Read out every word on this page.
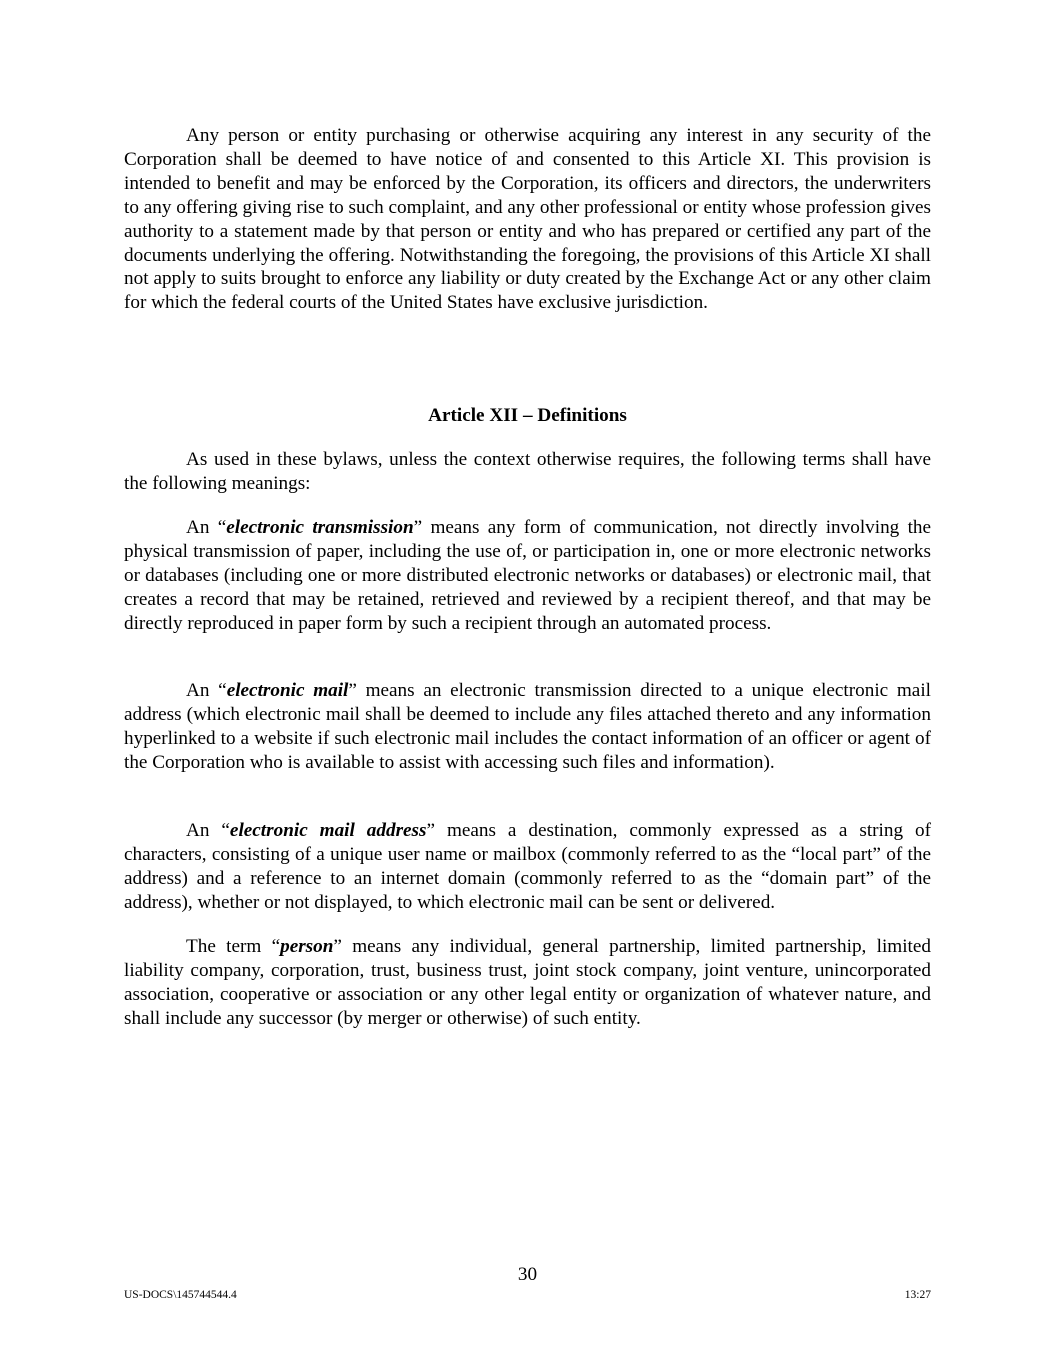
Any person or entity purchasing or otherwise acquiring any interest in any security of the Corporation shall be deemed to have notice of and consented to this Article XI. This provision is intended to benefit and may be enforced by the Corporation, its officers and directors, the underwriters to any offering giving rise to such complaint, and any other professional or entity whose profession gives authority to a statement made by that person or entity and who has prepared or certified any part of the documents underlying the offering. Notwithstanding the foregoing, the provisions of this Article XI shall not apply to suits brought to enforce any liability or duty created by the Exchange Act or any other claim for which the federal courts of the United States have exclusive jurisdiction.

Article XII – Definitions

As used in these bylaws, unless the context otherwise requires, the following terms shall have the following meanings:

An “electronic transmission” means any form of communication, not directly involving the physical transmission of paper, including the use of, or participation in, one or more electronic networks or databases (including one or more distributed electronic networks or databases) or electronic mail, that creates a record that may be retained, retrieved and reviewed by a recipient thereof, and that may be directly reproduced in paper form by such a recipient through an automated process.

An “electronic mail” means an electronic transmission directed to a unique electronic mail address (which electronic mail shall be deemed to include any files attached thereto and any information hyperlinked to a website if such electronic mail includes the contact information of an officer or agent of the Corporation who is available to assist with accessing such files and information).

An “electronic mail address” means a destination, commonly expressed as a string of characters, consisting of a unique user name or mailbox (commonly referred to as the “local part” of the address) and a reference to an internet domain (commonly referred to as the “domain part” of the address), whether or not displayed, to which electronic mail can be sent or delivered.

The term “person” means any individual, general partnership, limited partnership, limited liability company, corporation, trust, business trust, joint stock company, joint venture, unincorporated association, cooperative or association or any other legal entity or organization of whatever nature, and shall include any successor (by merger or otherwise) of such entity.

30
US-DOCS\145744544.4	13:27
